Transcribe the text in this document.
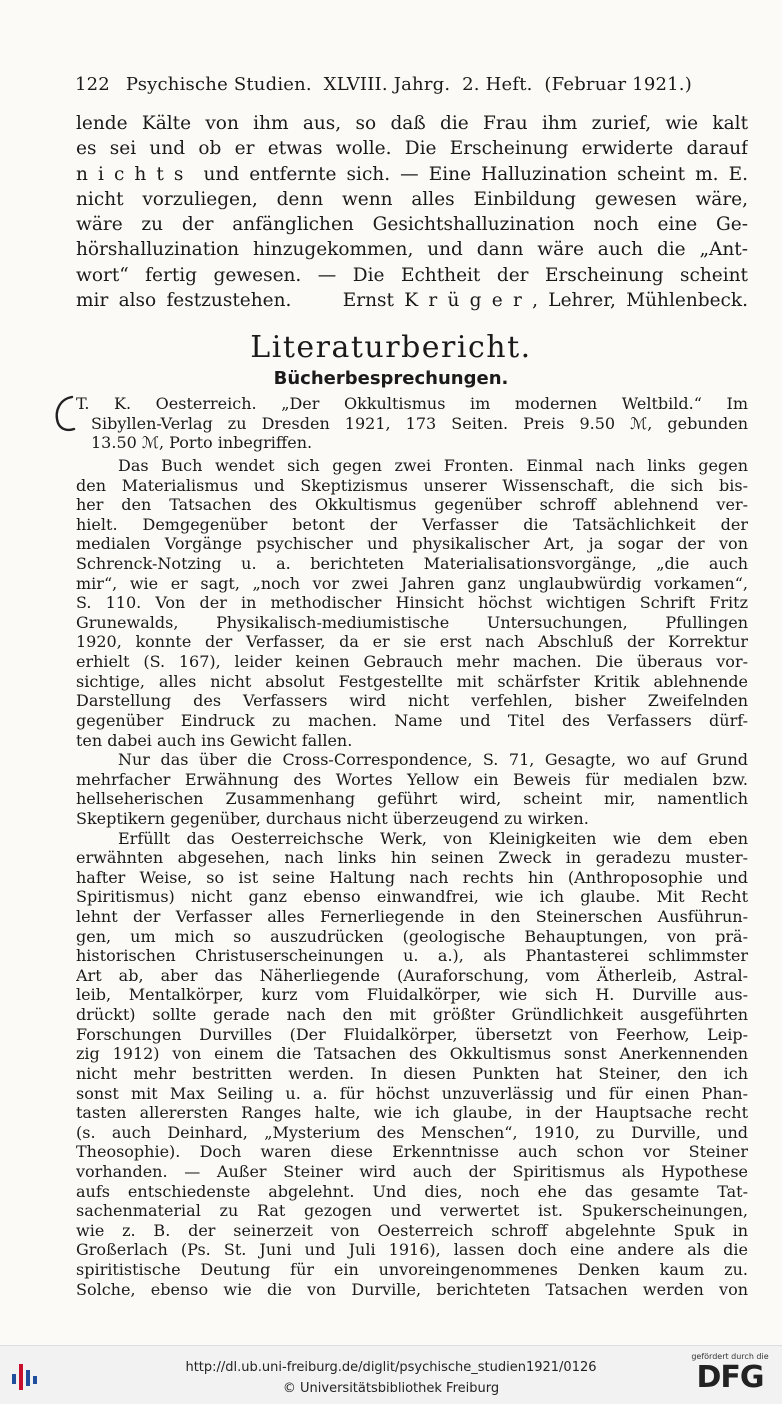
122 Psychische Studien.  XLVIII. Jahrg.  2. Heft.  (Februar 1921.)
lende Kälte von ihm aus, so daß die Frau ihm zurief, wie kalt
es sei und ob er etwas wolle. Die Erscheinung erwiderte darauf
n i c h t s  und entfernte sich. — Eine Halluzination scheint m. E.
nicht vorzuliegen, denn wenn alles Einbildung gewesen wäre,
wäre zu der anfänglichen Gesichtshalluzination noch eine Ge-
hörshalluzination hinzugekommen, und dann wäre auch die „Ant-
wort“ fertig gewesen. — Die Echtheit der Erscheinung scheint
mir also festzustehen.     Ernst K r ü g e r , Lehrer, Mühlenbeck.
Literaturbericht.
Bücherbesprechungen.
T. K. Oesterreich. „Der Okkultismus im modernen Weltbild.“ Im
Sibyllen-Verlag zu Dresden 1921, 173 Seiten. Preis 9.50 ℳ, gebunden
13.50 ℳ, Porto inbegriffen.
Das Buch wendet sich gegen zwei Fronten. Einmal nach links gegen
den Materialismus und Skeptizismus unserer Wissenschaft, die sich bis-
her den Tatsachen des Okkultismus gegenüber schroff ablehnend ver-
hielt. Demgegenüber betont der Verfasser die Tatsächlichkeit der
medialen Vorgänge psychischer und physikalischer Art, ja sogar der von
Schrenck-Notzing u. a. berichteten Materialisationsvorgänge, „die auch
mir“, wie er sagt, „noch vor zwei Jahren ganz unglaubwürdig vorkamen“,
S. 110. Von der in methodischer Hinsicht höchst wichtigen Schrift Fritz
Grunewalds, Physikalisch-mediumistische Untersuchungen, Pfullingen
1920, konnte der Verfasser, da er sie erst nach Abschluß der Korrektur
erhielt (S. 167), leider keinen Gebrauch mehr machen. Die überaus vor-
sichtige, alles nicht absolut Festgestellte mit schärfster Kritik ablehnende
Darstellung des Verfassers wird nicht verfehlen, bisher Zweifelnden
gegenüber Eindruck zu machen. Name und Titel des Verfassers dürf-
ten dabei auch ins Gewicht fallen.
Nur das über die Cross-Correspondence, S. 71, Gesagte, wo auf Grund
mehrfacher Erwähnung des Wortes Yellow ein Beweis für medialen bzw.
hellseherischen Zusammenhang geführt wird, scheint mir, namentlich
Skeptikern gegenüber, durchaus nicht überzeugend zu wirken.
Erfüllt das Oesterreichsche Werk, von Kleinigkeiten wie dem eben
erwähnten abgesehen, nach links hin seinen Zweck in geradezu muster-
hafter Weise, so ist seine Haltung nach rechts hin (Anthroposophie und
Spiritismus) nicht ganz ebenso einwandfrei, wie ich glaube. Mit Recht
lehnt der Verfasser alles Fernerliegende in den Steinerschen Ausführun-
gen, um mich so auszudrücken (geologische Behauptungen, von prä-
historischen Christuserscheinungen u. a.), als Phantasterei schlimmster
Art ab, aber das Näherliegende (Auraforschung, vom Ätherleib, Astral-
leib, Mentalkörper, kurz vom Fluidalkörper, wie sich H. Durville aus-
drückt) sollte gerade nach den mit größter Gründlichkeit ausgeführten
Forschungen Durvilles (Der Fluidalkörper, übersetzt von Feerhow, Leip-
zig 1912) von einem die Tatsachen des Okkultismus sonst Anerkennenden
nicht mehr bestritten werden. In diesen Punkten hat Steiner, den ich
sonst mit Max Seiling u. a. für höchst unzuverlässig und für einen Phan-
tasten allerersten Ranges halte, wie ich glaube, in der Hauptsache recht
(s. auch Deinhard, „Mysterium des Menschen“, 1910, zu Durville, und
Theosophie). Doch waren diese Erkenntnisse auch schon vor Steiner
vorhanden. — Außer Steiner wird auch der Spiritismus als Hypothese
aufs entschiedenste abgelehnt. Und dies, noch ehe das gesamte Tat-
sachenmaterial zu Rat gezogen und verwertet ist. Spukerscheinungen,
wie z. B. der seinerzeit von Oesterreich schroff abgelehnte Spuk in
Großerlach (Ps. St. Juni und Juli 1916), lassen doch eine andere als die
spiritistische Deutung für ein unvoreingenommenes Denken kaum zu.
Solche, ebenso wie die von Durville, berichteten Tatsachen werden von
http://dl.ub.uni-freiburg.de/diglit/psychische_studien1921/0126
© Universitätsbibliothek Freiburg
gefördert durch die
DFG
